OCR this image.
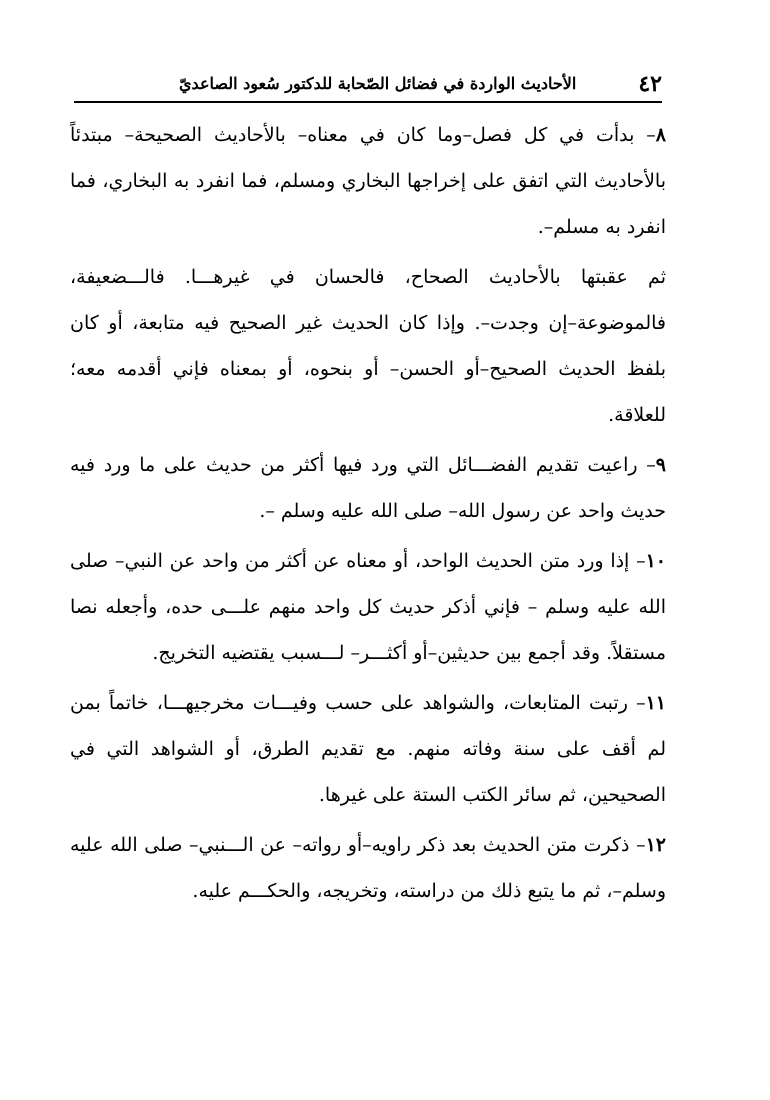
٤٢
الأحاديث الواردة في فضائل الصّحابة للدكتور سُعود الصاعديّ

٨– بدأت في كل فصل–وما كان في معناه– بالأحاديث الصحيحة– مبتدئاً بالأحاديث التي اتفق على إخراجها البخاري ومسلم، فما انفرد به البخاري، فما انفرد به مسلم–.

ثم عقبتها بالأحاديث الصحاح، فالحسان في غيرهـــا. فالـــضعيفة، فالموضوعة–إن وجدت–. وإذا كان الحديث غير الصحيح فيه متابعة، أو كان بلفظ الحديث الصحيح–أو الحسن– أو بنحوه، أو بمعناه فإني أقدمه معه؛ للعلاقة.

٩– راعيت تقديم الفضـــائل التي ورد فيها أكثر من حديث على ما ورد فيه حديث واحد عن رسول الله– صلى الله عليه وسلم –.

١٠– إذا ورد متن الحديث الواحد، أو معناه عن أكثر من واحد عن النبي– صلى الله عليه وسلم – فإني أذكر حديث كل واحد منهم علـــى حده، وأجعله نصا مستقلاً. وقد أجمع بين حديثين–أو أكثـــر– لـــسبب يقتضيه التخريج.

١١– رتبت المتابعات، والشواهد على حسب وفيـــات مخرجيهـــا، خاتماً بمن لم أقف على سنة وفاته منهم. مع تقديم الطرق، أو الشواهد التي في الصحيحين، ثم سائر الكتب الستة على غيرها.

١٢– ذكرت متن الحديث بعد ذكر راويه–أو رواته– عن الـــنبي– صلى الله عليه وسلم–، ثم ما يتبع ذلك من دراسته، وتخريجه، والحكـــم عليه.
